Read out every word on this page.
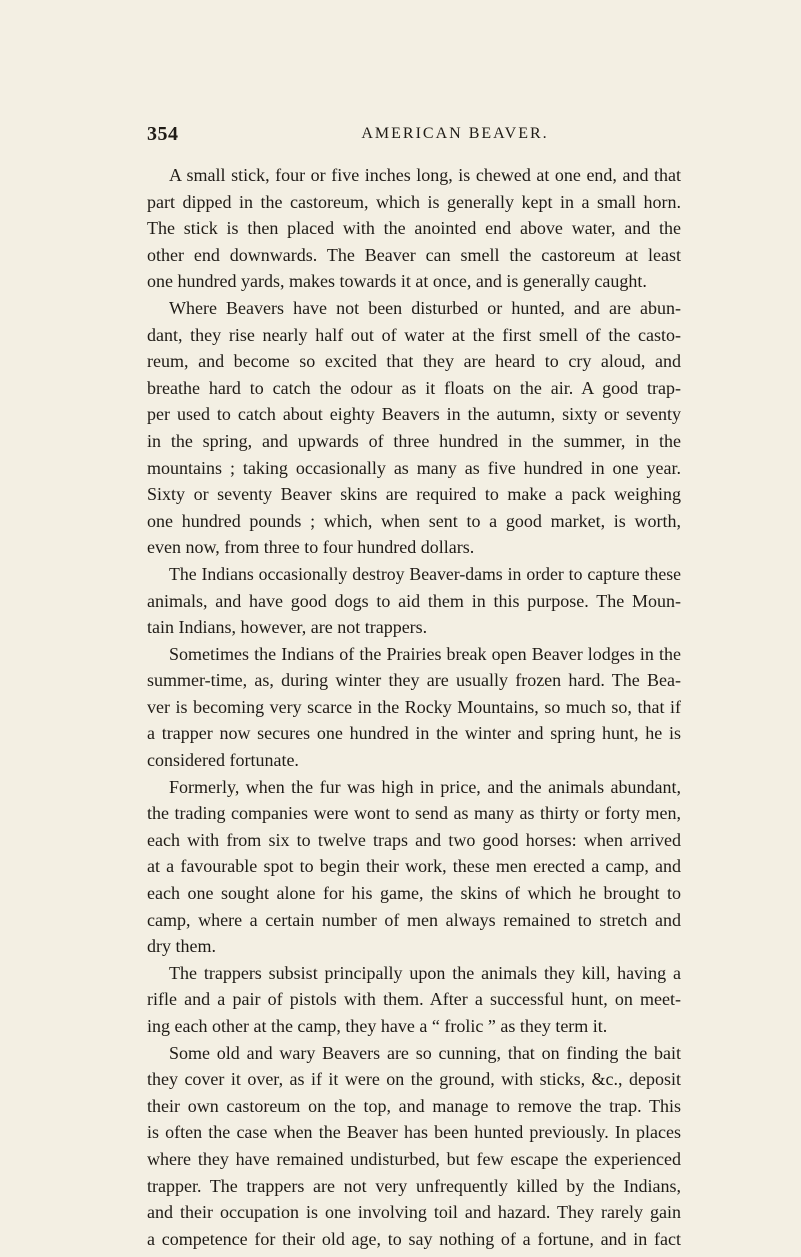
354	AMERICAN BEAVER.
A small stick, four or five inches long, is chewed at one end, and that
part dipped in the castoreum, which is generally kept in a small horn.
The stick is then placed with the anointed end above water, and the
other end downwards. The Beaver can smell the castoreum at least
one hundred yards, makes towards it at once, and is generally caught.
Where Beavers have not been disturbed or hunted, and are abun-
dant, they rise nearly half out of water at the first smell of the casto-
reum, and become so excited that they are heard to cry aloud, and
breathe hard to catch the odour as it floats on the air. A good trap-
per used to catch about eighty Beavers in the autumn, sixty or seventy
in the spring, and upwards of three hundred in the summer, in the
mountains ; taking occasionally as many as five hundred in one year.
Sixty or seventy Beaver skins are required to make a pack weighing
one hundred pounds ; which, when sent to a good market, is worth,
even now, from three to four hundred dollars.
The Indians occasionally destroy Beaver-dams in order to capture these
animals, and have good dogs to aid them in this purpose. The Moun-
tain Indians, however, are not trappers.
Sometimes the Indians of the Prairies break open Beaver lodges in the
summer-time, as, during winter they are usually frozen hard. The Bea-
ver is becoming very scarce in the Rocky Mountains, so much so, that if
a trapper now secures one hundred in the winter and spring hunt, he is
considered fortunate.
Formerly, when the fur was high in price, and the animals abundant,
the trading companies were wont to send as many as thirty or forty men,
each with from six to twelve traps and two good horses: when arrived
at a favourable spot to begin their work, these men erected a camp, and
each one sought alone for his game, the skins of which he brought to
camp, where a certain number of men always remained to stretch and
dry them.
The trappers subsist principally upon the animals they kill, having a
rifle and a pair of pistols with them. After a successful hunt, on meet-
ing each other at the camp, they have a “ frolic ” as they term it.
Some old and wary Beavers are so cunning, that on finding the bait
they cover it over, as if it were on the ground, with sticks, &c., deposit
their own castoreum on the top, and manage to remove the trap. This
is often the case when the Beaver has been hunted previously. In places
where they have remained undisturbed, but few escape the experienced
trapper. The trappers are not very unfrequently killed by the Indians,
and their occupation is one involving toil and hazard. They rarely gain
a competence for their old age, to say nothing of a fortune, and in fact
